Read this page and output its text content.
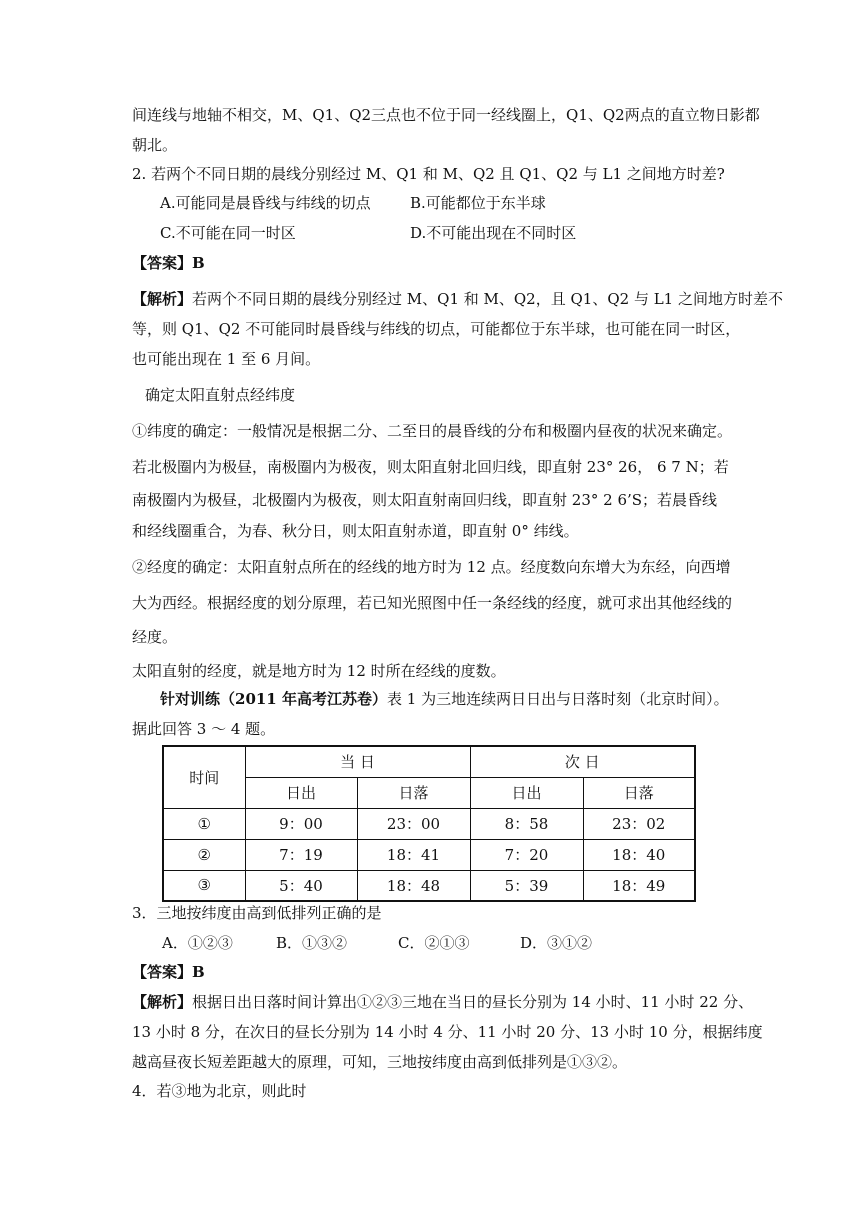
间连线与地轴不相交，M、Q1、Q2三点也不位于同一经线圈上，Q1、Q2两点的直立物日影都
朝北。
2. 若两个不同日期的晨线分别经过 M、Q1 和 M、Q2 且 Q1、Q2 与 L1 之间地方时差?
A.可能同是晨昏线与纬线的切点	B.可能都位于东半球
C.不可能在同一时区	D.不可能出现在不同时区
【答案】B
【解析】若两个不同日期的晨线分别经过 M、Q1 和 M、Q2，且 Q1、Q2 与 L1 之间地方时差不
等，则 Q1、Q2 不可能同时晨昏线与纬线的切点，可能都位于东半球，也可能在同一时区，
也可能出现在 1 至 6 月间。
确定太阳直射点经纬度
①纬度的确定：一般情况是根据二分、二至日的晨昏线的分布和极圈内昼夜的状况来确定。
若北极圈内为极昼，南极圈内为极夜，则太阳直射北回归线，即直射 23° 26， 6 7 N；若
南极圈内为极昼，北极圈内为极夜，则太阳直射南回归线，即直射 23° 2 6’S；若晨昏线
和经线圈重合，为春、秋分日，则太阳直射赤道，即直射 0° 纬线。
②经度的确定：太阳直射点所在的经线的地方时为 12 点。经度数向东增大为东经，向西增
大为西经。根据经度的划分原理，若已知光照图中任一条经线的经度，就可求出其他经线的
经度。
太阳直射的经度，就是地方时为 12 时所在经线的度数。
针对训练（2011 年高考江苏卷）表 1 为三地连续两日日出与日落时刻（北京时间）。
据此回答 3 ～ 4 题。
时间	当 日		次 日	
	日出	日落	日出	日落
①	9：00	23：00	8：58	23：02
②	7：19	18：41	7：20	18：40
③	5：40	18：48	5：39	18：49
3．三地按纬度由高到低排列正确的是
A．①②③	B．①③②	C．②①③	D．③①②
【答案】B
【解析】根据日出日落时间计算出①②③三地在当日的昼长分别为 14 小时、11 小时 22 分、
13 小时 8 分，在次日的昼长分别为 14 小时 4 分、11 小时 20 分、13 小时 10 分，根据纬度
越高昼夜长短差距越大的原理，可知，三地按纬度由高到低排列是①③②。
4．若③地为北京，则此时
